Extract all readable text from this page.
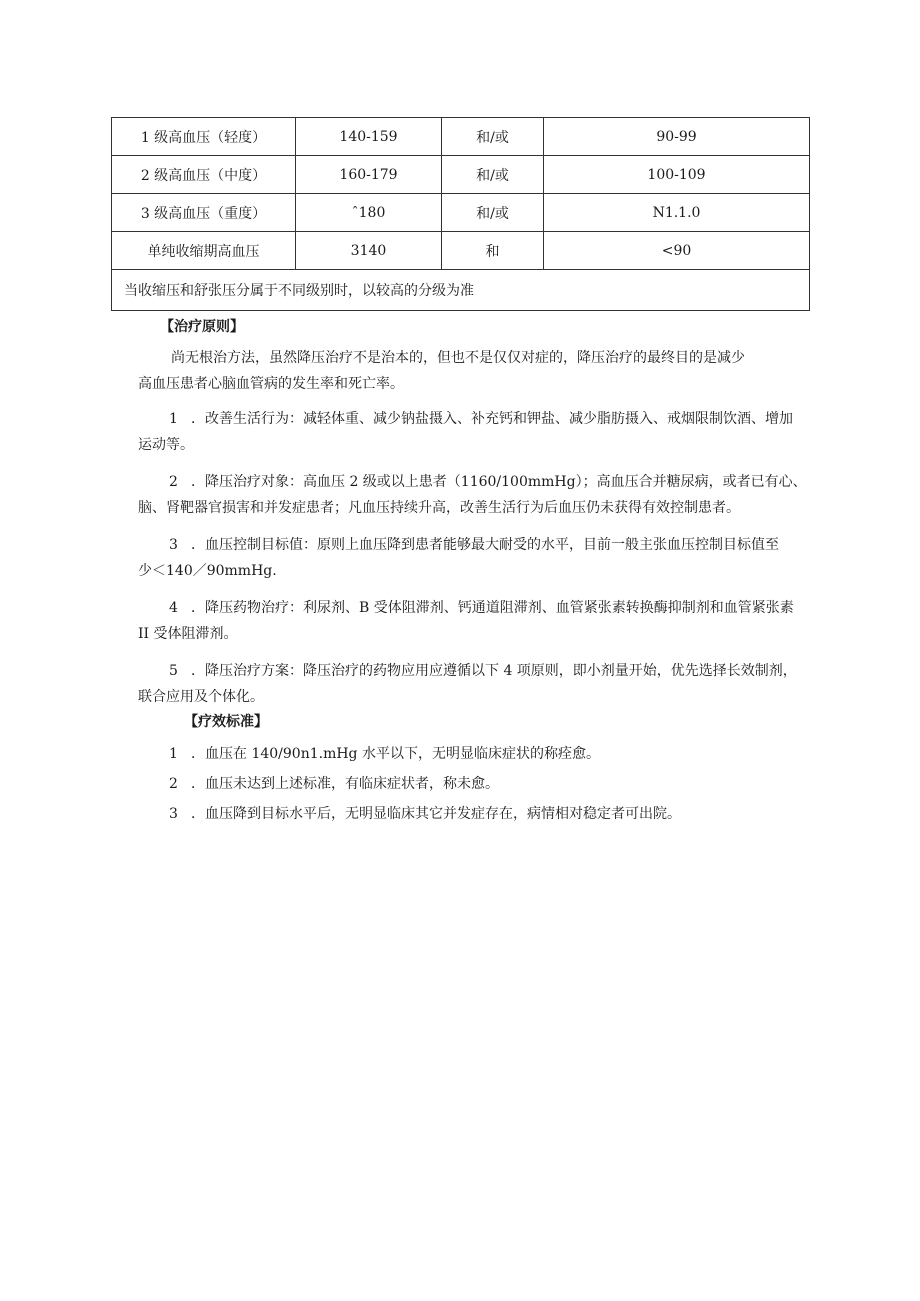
1 级高血压（轻度）	140-159	和/或	90-99
2 级高血压（中度）	160-179	和/或	100-109
3 级高血压（重度）	ˆ180	和/或	N1.1.0
单纯收缩期高血压	3140	和	<90
当收缩压和舒张压分属于不同级别时，以较高的分级为准			
【治疗原则】
尚无根治方法，虽然降压治疗不是治本的，但也不是仅仅对症的，降压治疗的最终目的是减少
高血压患者心脑血管病的发生率和死亡率。
1 ．改善生活行为：减轻体重、减少钠盐摄入、补充钙和钾盐、减少脂肪摄入、戒烟限制饮酒、增加
运动等。
2 ．降压治疗对象：高血压 2 级或以上患者（1160/100mmHg）；高血压合并糖尿病，或者已有心、
脑、肾靶器官损害和并发症患者；凡血压持续升高，改善生活行为后血压仍未获得有效控制患者。
3 ．血压控制目标值：原则上血压降到患者能够最大耐受的水平，目前一般主张血压控制目标值至
少＜140／90mmHg.
4 ．降压药物治疗：利尿剂、B 受体阻滞剂、钙通道阻滞剂、血管紧张素转换酶抑制剂和血管紧张素
II 受体阻滞剂。
5 ．降压治疗方案：降压治疗的药物应用应遵循以下 4 项原则，即小剂量开始，优先选择长效制剂，
联合应用及个体化。
【疗效标准】
1 ．血压在 140/90n1.mHg 水平以下，无明显临床症状的称痊愈。
2 ．血压未达到上述标准，有临床症状者，称未愈。
3 ．血压降到目标水平后，无明显临床其它并发症存在，病情相对稳定者可出院。
